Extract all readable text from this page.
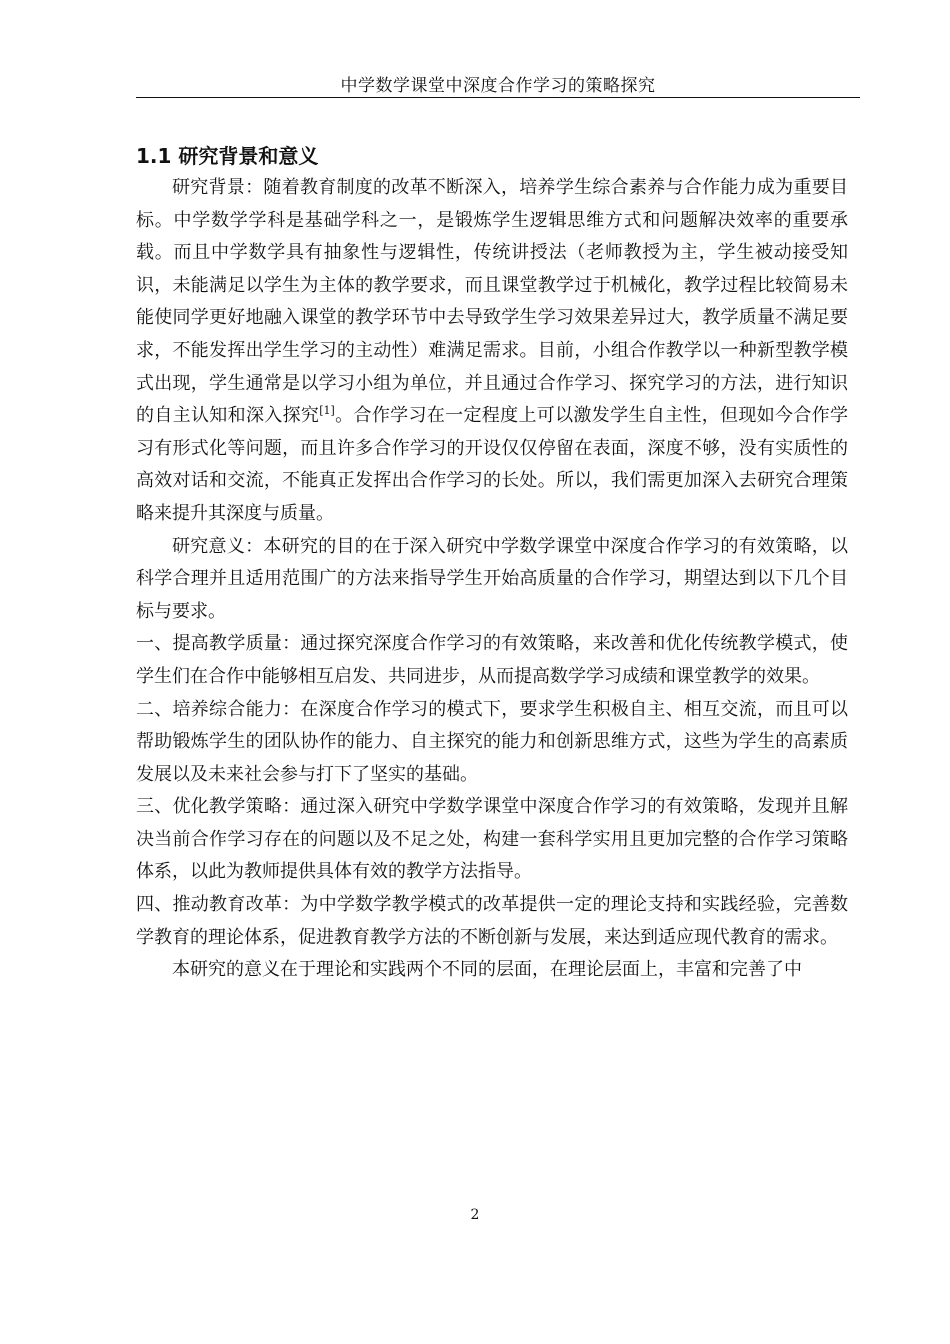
中学数学课堂中深度合作学习的策略探究
1.1 研究背景和意义

研究背景：随着教育制度的改革不断深入，培养学生综合素养与合作能力成为重要目标。中学数学学科是基础学科之一，是锻炼学生逻辑思维方式和问题解决效率的重要承载。而且中学数学具有抽象性与逻辑性，传统讲授法（老师教授为主，学生被动接受知识，未能满足以学生为主体的教学要求，而且课堂教学过于机械化，教学过程比较简易未能使同学更好地融入课堂的教学环节中去导致学生学习效果差异过大，教学质量不满足要求，不能发挥出学生学习的主动性）难满足需求。目前，小组合作教学以一种新型教学模式出现，学生通常是以学习小组为单位，并且通过合作学习、探究学习的方法，进行知识的自主认知和深入探究[1]。合作学习在一定程度上可以激发学生自主性，但现如今合作学习有形式化等问题，而且许多合作学习的开设仅仅停留在表面，深度不够，没有实质性的高效对话和交流，不能真正发挥出合作学习的长处。所以，我们需更加深入去研究合理策略来提升其深度与质量。

研究意义：本研究的目的在于深入研究中学数学课堂中深度合作学习的有效策略，以科学合理并且适用范围广的方法来指导学生开始高质量的合作学习，期望达到以下几个目标与要求。

一、提高教学质量：通过探究深度合作学习的有效策略，来改善和优化传统教学模式，使学生们在合作中能够相互启发、共同进步，从而提高数学学习成绩和课堂教学的效果。

二、培养综合能力：在深度合作学习的模式下，要求学生积极自主、相互交流，而且可以帮助锻炼学生的团队协作的能力、自主探究的能力和创新思维方式，这些为学生的高素质发展以及未来社会参与打下了坚实的基础。

三、优化教学策略：通过深入研究中学数学课堂中深度合作学习的有效策略，发现并且解决当前合作学习存在的问题以及不足之处，构建一套科学实用且更加完整的合作学习策略体系，以此为教师提供具体有效的教学方法指导。

四、推动教育改革：为中学数学教学模式的改革提供一定的理论支持和实践经验，完善数学教育的理论体系，促进教育教学方法的不断创新与发展，来达到适应现代教育的需求。

本研究的意义在于理论和实践两个不同的层面，在理论层面上，丰富和完善了中

2
